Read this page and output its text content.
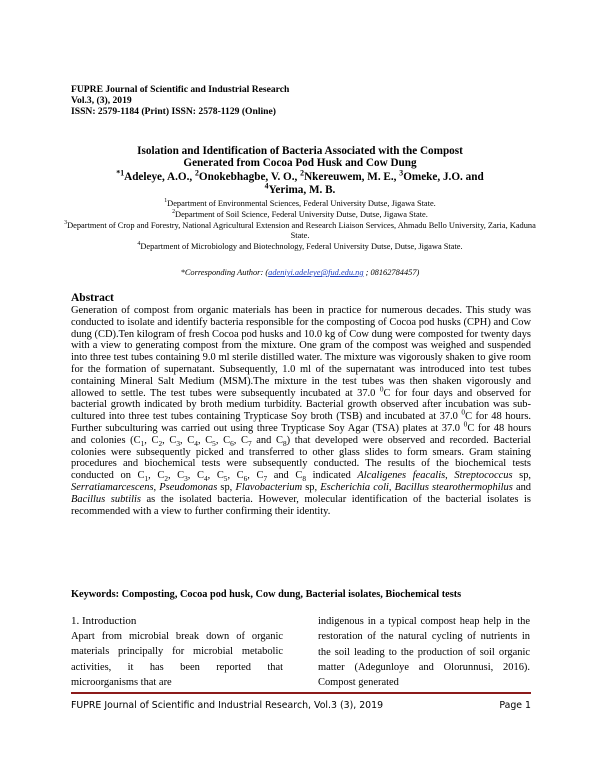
FUPRE Journal of Scientific and Industrial Research
Vol.3, (3), 2019
ISSN: 2579-1184 (Print) ISSN: 2578-1129 (Online)
Isolation and Identification of Bacteria Associated with the Compost
Generated from Cocoa Pod Husk and Cow Dung
$^{*1}$Adeleye, A.O., $^2$Onokebhagbe, V. O., $^2$Nkereuwem, M. E., $^3$Omeke, J.O. and
$^4$Yerima, M. B.
$^1$Department of Environmental Sciences, Federal University Dutse, Jigawa State.
$^2$Department of Soil Science, Federal University Dutse, Dutse, Jigawa State.
$^3$Department of Crop and Forestry, National Agricultural Extension and Research Liaison Services, Ahmadu Bello University, Zaria, Kaduna State.
$^4$Department of Microbiology and Biotechnology, Federal University Dutse, Dutse, Jigawa State.
*Corresponding Author: (adeniyi.adeleye@fud.edu.ng ; 08162784457)
Abstract
Generation of compost from organic materials has been in practice for numerous decades. This study was conducted to isolate and identify bacteria responsible for the composting of Cocoa pod husks (CPH) and Cow dung (CD).Ten kilogram of fresh Cocoa pod husks and 10.0 kg of Cow dung were composted for twenty days with a view to generating compost from the mixture. One gram of the compost was weighed and suspended into three test tubes containing 9.0 ml sterile distilled water. The mixture was vigorously shaken to give room for the formation of supernatant. Subsequently, 1.0 ml of the supernatant was introduced into test tubes containing Mineral Salt Medium (MSM).The mixture in the test tubes was then shaken vigorously and allowed to settle. The test tubes were subsequently incubated at 37.0 $^0$C for four days and observed for bacterial growth indicated by broth medium turbidity. Bacterial growth observed after incubation was sub-cultured into three test tubes containing Trypticase Soy broth (TSB) and incubated at 37.0 $^0$C for 48 hours. Further subculturing was carried out using three Trypticase Soy Agar (TSA) plates at 37.0 $^0$C for 48 hours and colonies ($C_1$, $C_2$, $C_3$, $C_4$, $C_5$, $C_6$, $C_7$ and $C_8$) that developed were observed and recorded. Bacterial colonies were subsequently picked and transferred to other glass slides to form smears. Gram staining procedures and biochemical tests were subsequently conducted. The results of the biochemical tests conducted on $C_1$, $C_2$, $C_3$, $C_4$, $C_5$, $C_6$, $C_7$ and $C_8$ indicated Alcaligenes feacalis, Streptococcus sp, Serratiamarcescens, Pseudomonas sp, Flavobacterium sp, Escherichia coli, Bacillus stearothermophilus and Bacillus subtilis as the isolated bacteria. However, molecular identification of the bacterial isolates is recommended with a view to further confirming their identity.
Keywords: Composting, Cocoa pod husk, Cow dung, Bacterial isolates, Biochemical tests
1. Introduction
Apart from microbial break down of organic materials principally for microbial metabolic activities, it has been reported that microorganisms that are
indigenous in a typical compost heap help in the restoration of the natural cycling of nutrients in the soil leading to the production of soil organic matter (Adegunloye and Olorunnusi, 2016). Compost generated
FUPRE Journal of Scientific and Industrial Research, Vol.3 (3), 2019	Page 1
